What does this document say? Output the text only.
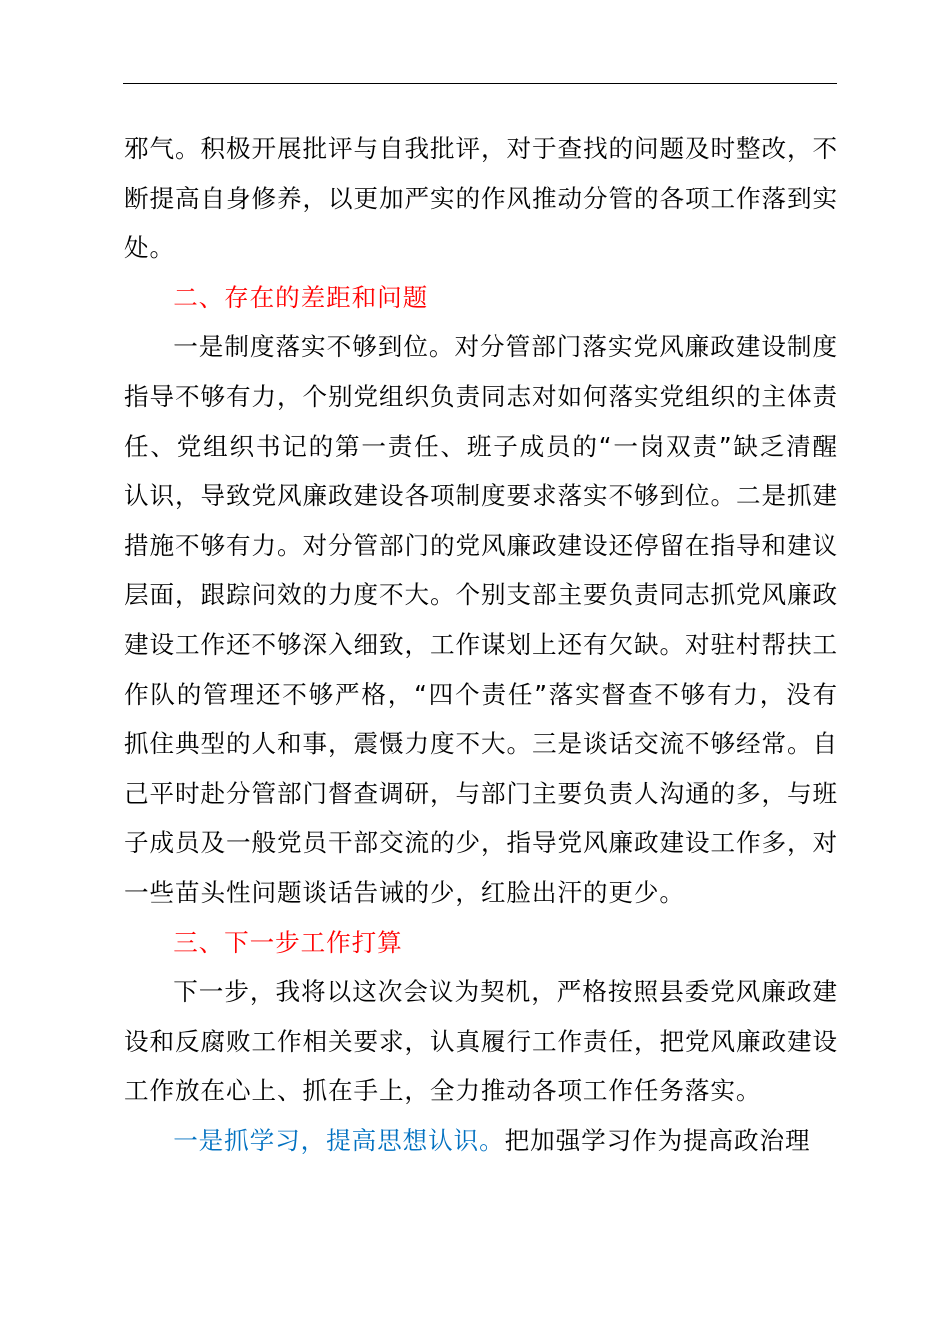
邪气。积极开展批评与自我批评，对于查找的问题及时整改，不断提高自身修养，以更加严实的作风推动分管的各项工作落到实处。

二、存在的差距和问题

一是制度落实不够到位。对分管部门落实党风廉政建设制度指导不够有力，个别党组织负责同志对如何落实党组织的主体责任、党组织书记的第一责任、班子成员的“一岗双责”缺乏清醒认识，导致党风廉政建设各项制度要求落实不够到位。二是抓建措施不够有力。对分管部门的党风廉政建设还停留在指导和建议层面，跟踪问效的力度不大。个别支部主要负责同志抓党风廉政建设工作还不够深入细致，工作谋划上还有欠缺。对驻村帮扶工作队的管理还不够严格，“四个责任”落实督查不够有力，没有抓住典型的人和事，震慑力度不大。三是谈话交流不够经常。自己平时赴分管部门督查调研，与部门主要负责人沟通的多，与班子成员及一般党员干部交流的少，指导党风廉政建设工作多，对一些苗头性问题谈话告诫的少，红脸出汗的更少。

三、下一步工作打算

下一步，我将以这次会议为契机，严格按照县委党风廉政建设和反腐败工作相关要求，认真履行工作责任，把党风廉政建设工作放在心上、抓在手上，全力推动各项工作任务落实。

一是抓学习，提高思想认识。把加强学习作为提高政治理
